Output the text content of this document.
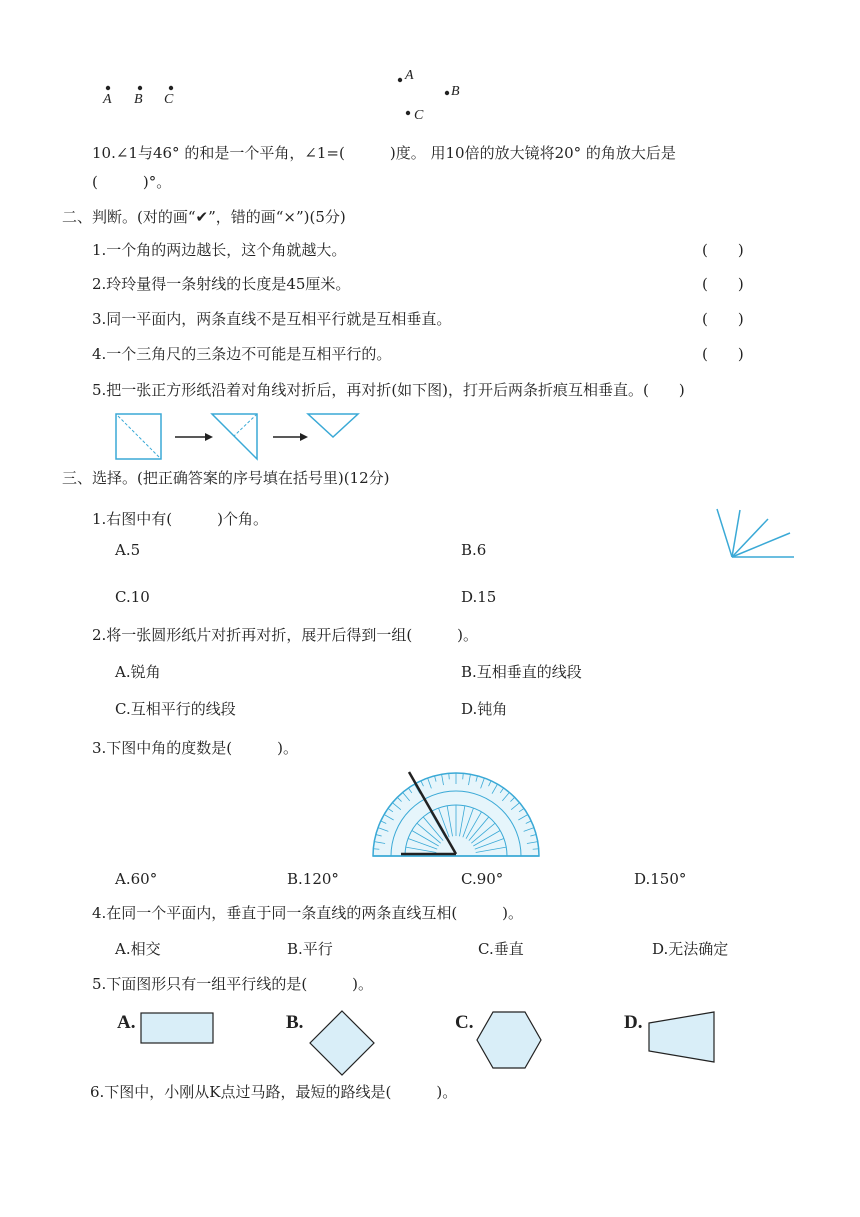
A B C
A
B
C
10.∠1与46° 的和是一个平角，∠1=(　　　)度。 用10倍的放大镜将20° 的角放大后是
(　　　)°。
二、判断。(对的画“✔”，错的画“×”)(5分)
1.一个角的两边越长，这个角就越大。	(　　)
2.玲玲量得一条射线的长度是45厘米。	(　　)
3.同一平面内，两条直线不是互相平行就是互相垂直。	(　　)
4.一个三角尺的三条边不可能是互相平行的。	(　　)
5.把一张正方形纸沿着对角线对折后，再对折(如下图)，打开后两条折痕互相垂直。(　　)
三、选择。(把正确答案的序号填在括号里)(12分)
1.右图中有(　　　)个角。
A.5	B.6
C.10	D.15
2.将一张圆形纸片对折再对折，展开后得到一组(　　　)。
A.锐角	B.互相垂直的线段
C.互相平行的线段	D.钝角
3.下图中角的度数是(　　　)。
A.60°	B.120°	C.90°	D.150°
4.在同一个平面内，垂直于同一条直线的两条直线互相(　　　)。
A.相交	B.平行	C.垂直	D.无法确定
5.下面图形只有一组平行线的是(　　　)。
A.	B.	C.	D.
6.下图中，小刚从K点过马路，最短的路线是(　　　)。
